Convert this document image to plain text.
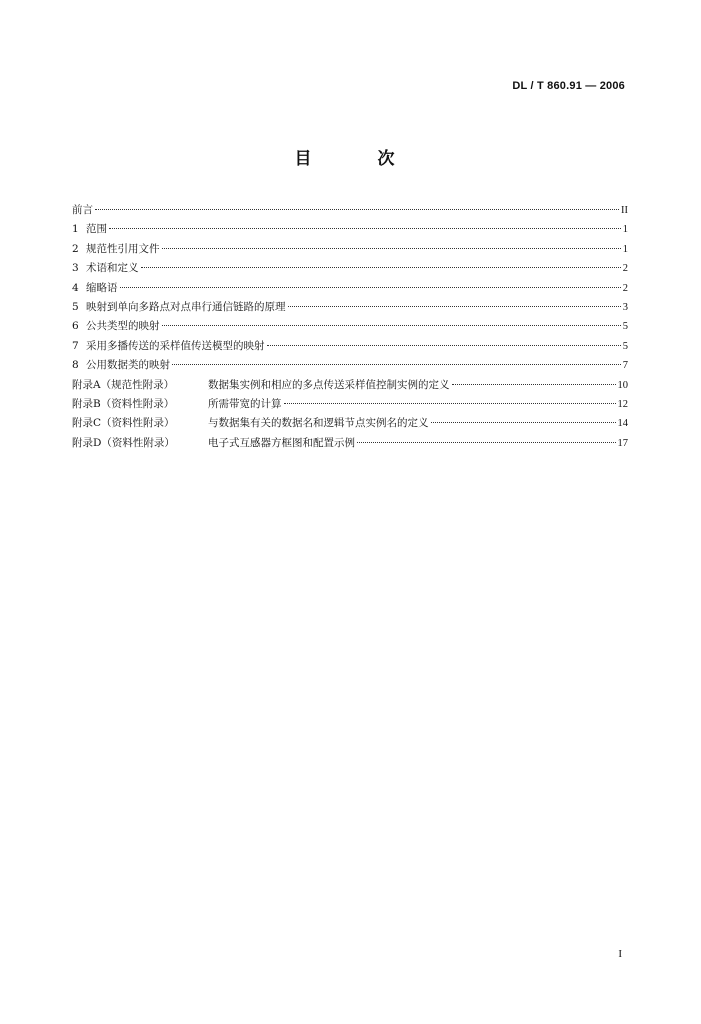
DL / T 860.91 — 2006
目 次
前言	II
1 范围	1
2 规范性引用文件	1
3 术语和定义	2
4 缩略语	2
5 映射到单向多路点对点串行通信链路的原理	3
6 公共类型的映射	5
7 采用多播传送的采样值传送模型的映射	5
8 公用数据类的映射	7
附录A（规范性附录）	数据集实例和相应的多点传送采样值控制实例的定义	10
附录B（资料性附录）	所需带宽的计算	12
附录C（资料性附录）	与数据集有关的数据名和逻辑节点实例名的定义	14
附录D（资料性附录）	电子式互感器方框图和配置示例	17
I
